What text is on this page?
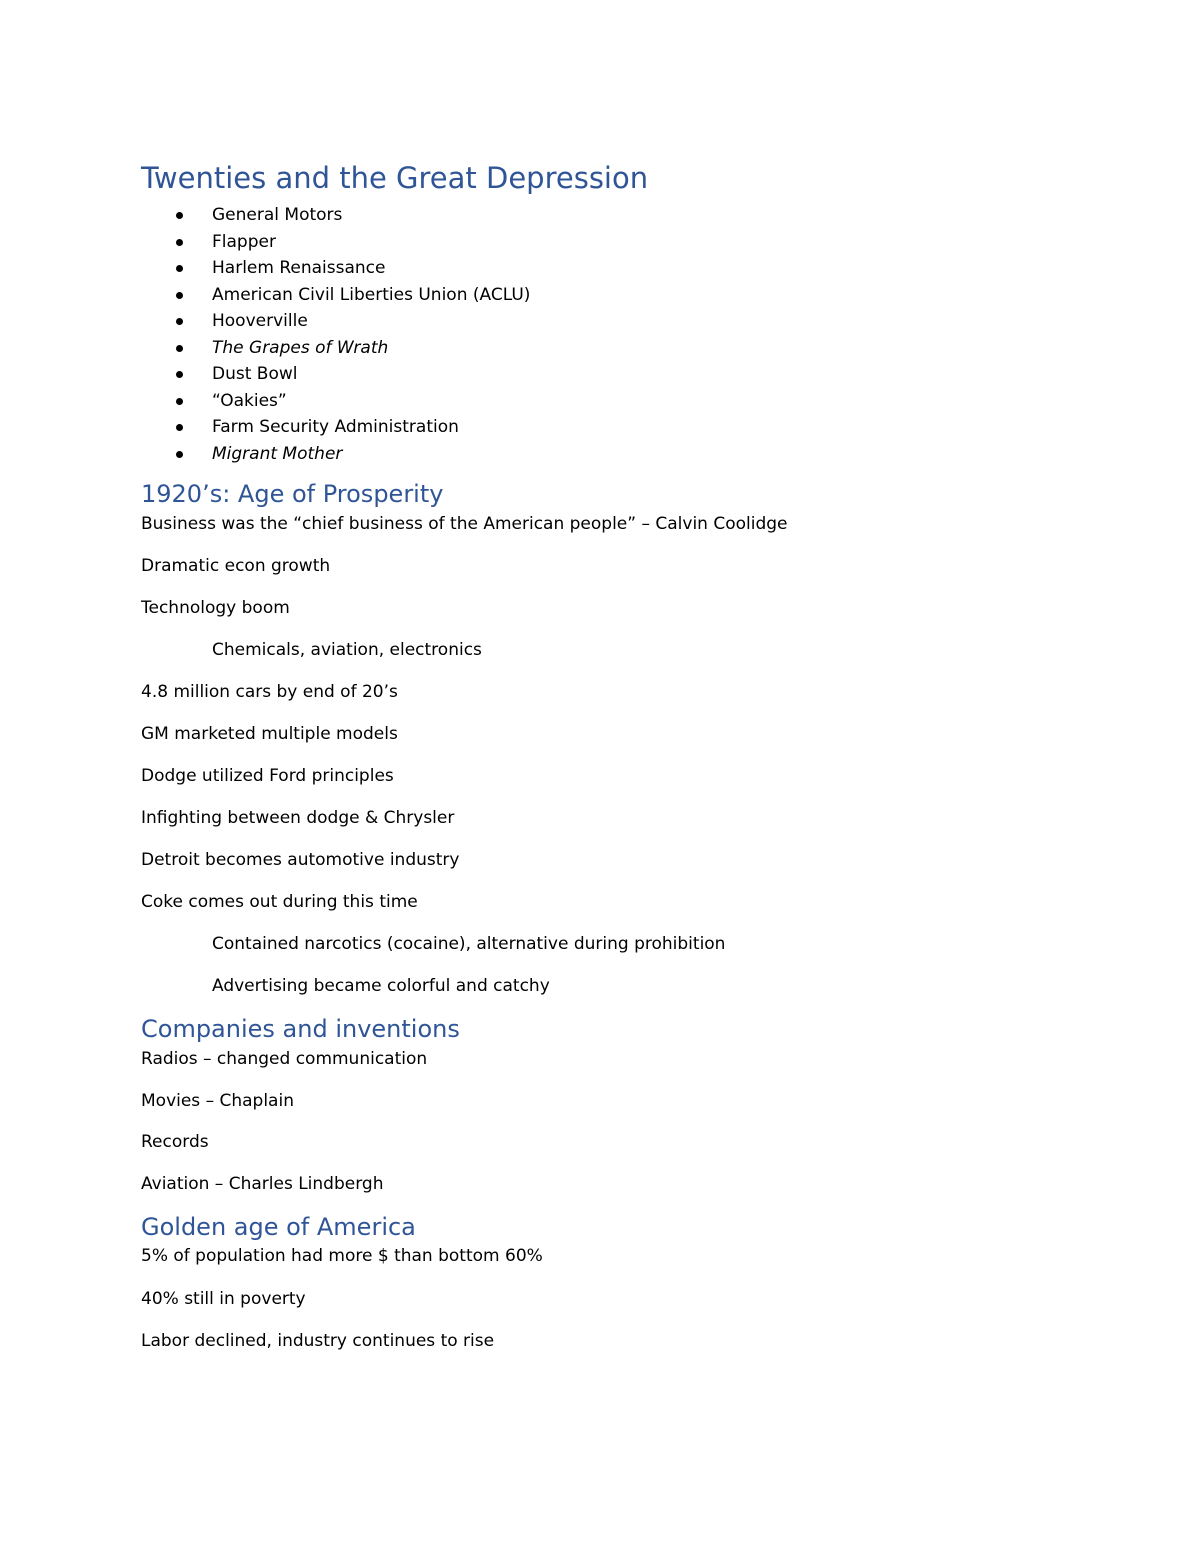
Twenties and the Great Depression
General Motors
Flapper
Harlem Renaissance
American Civil Liberties Union (ACLU)
Hooverville
The Grapes of Wrath
Dust Bowl
“Oakies”
Farm Security Administration
Migrant Mother
1920’s: Age of Prosperity

Business was the “chief business of the American people” – Calvin Coolidge

Dramatic econ growth

Technology boom

Chemicals, aviation, electronics

4.8 million cars by end of 20’s

GM marketed multiple models

Dodge utilized Ford principles

Infighting between dodge & Chrysler

Detroit becomes automotive industry

Coke comes out during this time

Contained narcotics (cocaine), alternative during prohibition

Advertising became colorful and catchy

Companies and inventions

Radios – changed communication

Movies – Chaplain

Records

Aviation – Charles Lindbergh

Golden age of America

5% of population had more $ than bottom 60%

40% still in poverty

Labor declined, industry continues to rise
